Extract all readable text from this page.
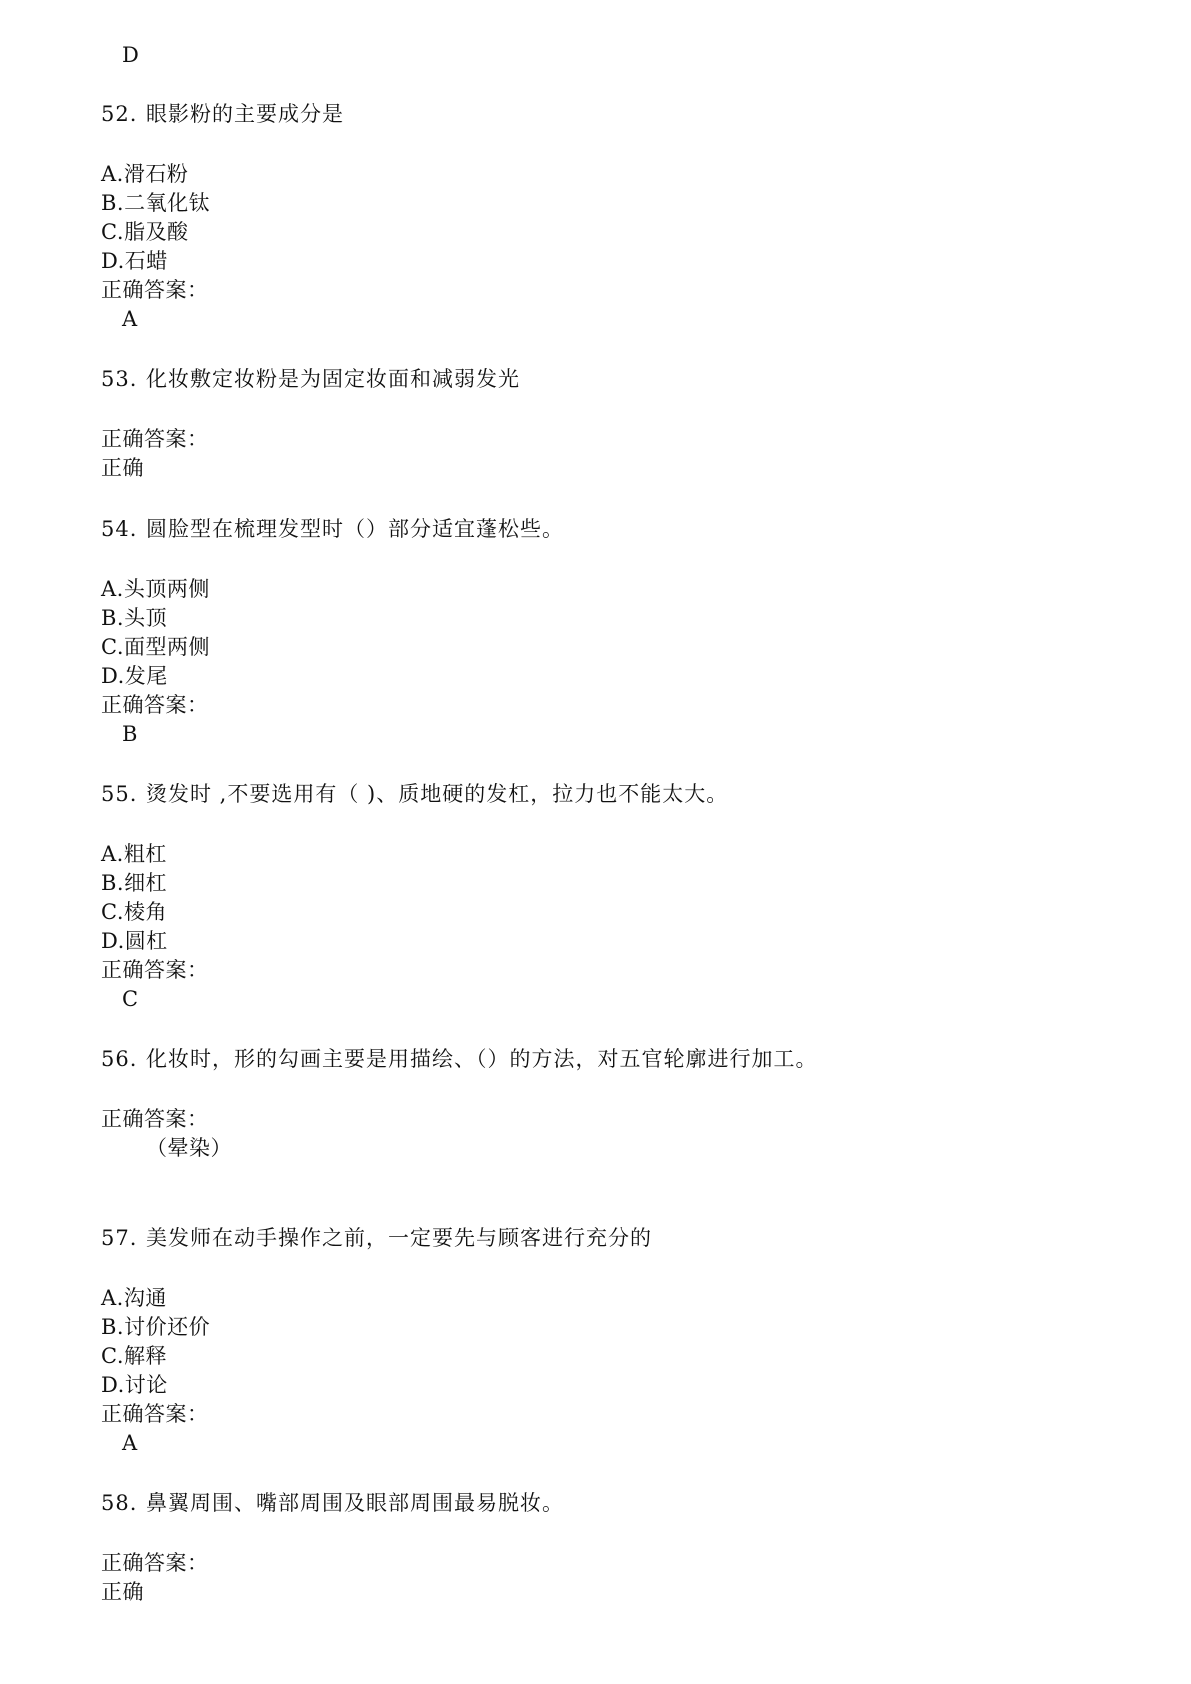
D
52. 眼影粉的主要成分是
A.滑石粉
B.二氧化钛
C.脂及酸
D.石蜡
正确答案：
A
53. 化妆敷定妆粉是为固定妆面和减弱发光
正确答案：
正确
54. 圆脸型在梳理发型时（）部分适宜蓬松些。
A.头顶两侧
B.头顶
C.面型两侧
D.发尾
正确答案：
B
55. 烫发时 ,不要选用有（ )、质地硬的发杠，拉力也不能太大。
A.粗杠
B.细杠
C.棱角
D.圆杠
正确答案：
C
56. 化妆时，形的勾画主要是用描绘、（）的方法，对五官轮廓进行加工。
正确答案：
（晕染）
57. 美发师在动手操作之前，一定要先与顾客进行充分的
A.沟通
B.讨价还价
C.解释
D.讨论
正确答案：
A
58. 鼻翼周围、嘴部周围及眼部周围最易脱妆。
正确答案：
正确
